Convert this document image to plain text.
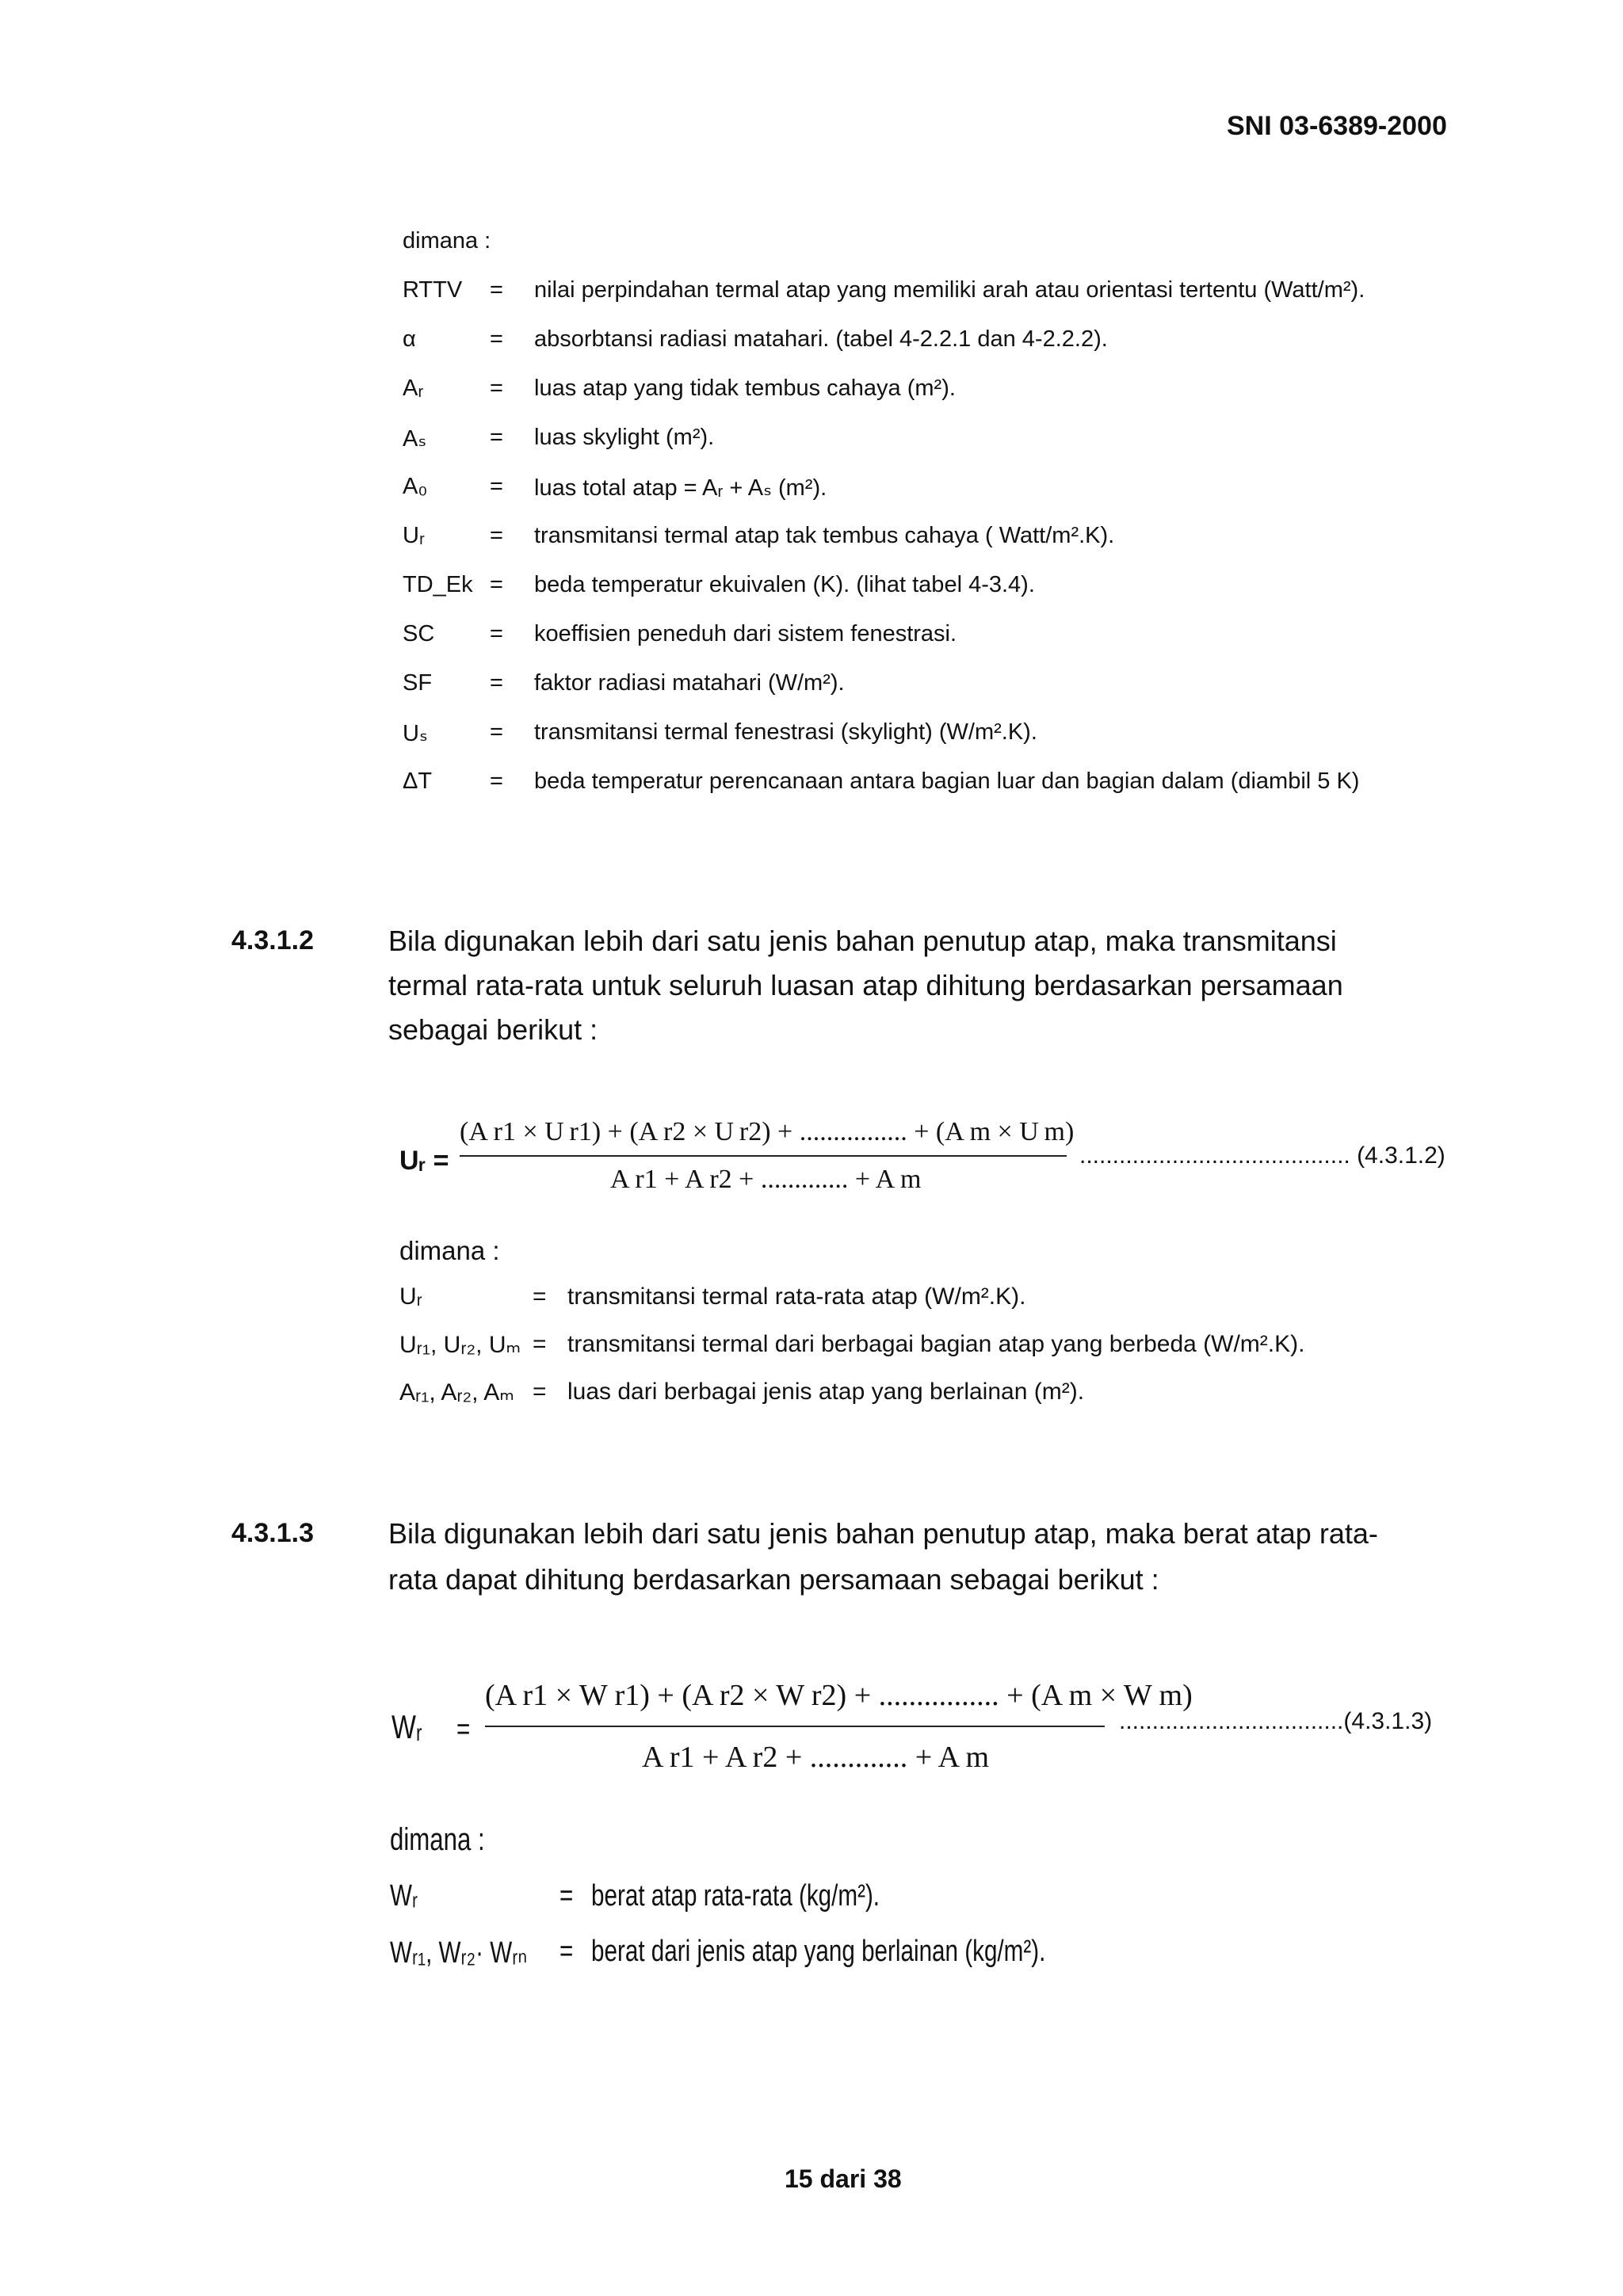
SNI 03-6389-2000
dimana :
RTTV = nilai perpindahan termal atap yang memiliki arah atau orientasi tertentu (Watt/m²).
α	= absorbtansi radiasi matahari. (tabel 4-2.2.1 dan 4-2.2.2).
Aᵣ	= luas atap yang tidak tembus cahaya (m²).
Aₛ	= luas skylight (m²).
A₀	= luas total atap = Aᵣ + Aₛ (m²).
Uᵣ	= transmitansi termal atap tak tembus cahaya ( Watt/m².K).
TD_Ek = beda temperatur ekuivalen (K). (lihat tabel 4-3.4).
SC = koeffisien peneduh dari sistem fenestrasi.
SF	= faktor radiasi matahari (W/m²).
Uₛ	= transmitansi termal fenestrasi (skylight) (W/m².K).
ΔT	= beda temperatur perencanaan antara bagian luar dan bagian dalam (diambil 5 K)
4.3.1.2	Bila digunakan lebih dari satu jenis bahan penutup atap, maka transmitansi
termal rata-rata untuk seluruh luasan atap dihitung berdasarkan persamaan
sebagai berikut :
Uᵣ =
(A r1 × U r1) + (A r2 × U r2) + ................ + (A m × U m)
A r1 + A r2 + ............. + A m
......................................... (4.3.1.2)
dimana :
Uᵣ	= transmitansi termal rata-rata atap (W/m².K).
Uᵣ₁, Uᵣ₂, Uₘ = transmitansi termal dari berbagai bagian atap yang berbeda (W/m².K).
Aᵣ₁, Aᵣ₂, Aₘ = luas dari berbagai jenis atap yang berlainan (m²).
4.3.1.3	Bila digunakan lebih dari satu jenis bahan penutup atap, maka berat atap rata-
rata dapat dihitung berdasarkan persamaan sebagai berikut :
Wᵣ =
(A r1 × W r1) + (A r2 × W r2) + ................ + (A m × W m)
A r1 + A r2 + ............. + A m
..................................(4.3.1.3)
dimana :
Wᵣ	= berat atap rata-rata (kg/m²).
Wᵣ₁, Wᵣ₂· Wᵣₙ = berat dari jenis atap yang berlainan (kg/m²).
15 dari 38
